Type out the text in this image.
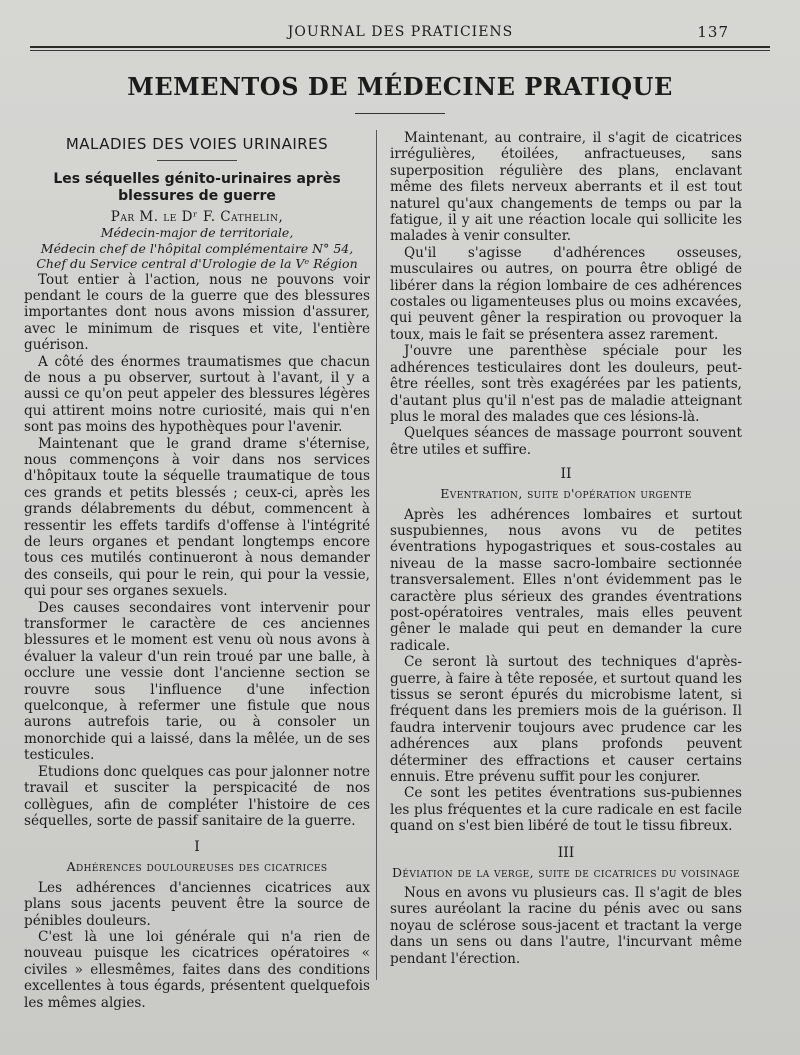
JOURNAL DES PRATICIENS	137
MEMENTOS DE MÉDECINE PRATIQUE
MALADIES DES VOIES URINAIRES
Les séquelles génito-urinaires après blessures de guerre
Par M. le Dʳ F. Cathelin,
Médecin-major de territoriale,
Médecin chef de l'hôpital complémentaire N° 54,
Chef du Service central d'Urologie de la Vᵉ Région

Tout entier à l'action, nous ne pouvons voir pendant le cours de la guerre que des blessures importantes dont nous avons mission d'assurer, avec le minimum de risques et vite, l'entière guérison.

A côté des énormes traumatismes que chacun de nous a pu observer, surtout à l'avant, il y a aussi ce qu'on peut appeler des blessures légères qui attirent moins notre curiosité, mais qui n'en sont pas moins des hypothèques pour l'avenir.

Maintenant que le grand drame s'éternise, nous commençons à voir dans nos services d'hôpitaux toute la séquelle traumatique de tous ces grands et petits blessés ; ceux-ci, après les grands délabrements du début, commencent à ressentir les effets tardifs d'offense à l'intégrité de leurs organes et pendant longtemps encore tous ces mutilés continueront à nous demander des conseils, qui pour le rein, qui pour la vessie, qui pour ses organes sexuels.

Des causes secondaires vont intervenir pour transformer le caractère de ces anciennes blessures et le moment est venu où nous avons à évaluer la valeur d'un rein troué par une balle, à occlure une vessie dont l'ancienne section se rouvre sous l'influence d'une infection quelconque, à refermer une fistule que nous aurons autrefois tarie, ou à consoler un monorchide qui a laissé, dans la mêlée, un de ses testicules.

Etudions donc quelques cas pour jalonner notre travail et susciter la perspicacité de nos collègues, afin de compléter l'histoire de ces séquelles, sorte de passif sanitaire de la guerre.

I
Adhérences douloureuses des cicatrices

Les adhérences d'anciennes cicatrices aux plans sous jacents peuvent être la source de pénibles douleurs.

C'est là une loi générale qui n'a rien de nouveau puisque les cicatrices opératoires « civiles » ellesmêmes, faites dans des conditions excellentes à tous égards, présentent quelquefois les mêmes algies.

Maintenant, au contraire, il s'agit de cicatrices irrégulières, étoilées, anfractueuses, sans superposition régulière des plans, enclavant même des filets nerveux aberrants et il est tout naturel qu'aux changements de temps ou par la fatigue, il y ait une réaction locale qui sollicite les malades à venir consulter.

Qu'il s'agisse d'adhérences osseuses, musculaires ou autres, on pourra être obligé de libérer dans la région lombaire de ces adhérences costales ou ligamenteuses plus ou moins excavées, qui peuvent gêner la respiration ou provoquer la toux, mais le fait se présentera assez rarement.

J'ouvre une parenthèse spéciale pour les adhérences testiculaires dont les douleurs, peut-être réelles, sont très exagérées par les patients, d'autant plus qu'il n'est pas de maladie atteignant plus le moral des malades que ces lésions-là.

Quelques séances de massage pourront souvent être utiles et suffire.

II
Eventration, suite d'opération urgente

Après les adhérences lombaires et surtout suspubiennes, nous avons vu de petites éventrations hypogastriques et sous-costales au niveau de la masse sacro-lombaire sectionnée transversalement. Elles n'ont évidemment pas le caractère plus sérieux des grandes éventrations post-opératoires ventrales, mais elles peuvent gêner le malade qui peut en demander la cure radicale.

Ce seront là surtout des techniques d'après-guerre, à faire à tête reposée, et surtout quand les tissus se seront épurés du microbisme latent, si fréquent dans les premiers mois de la guérison. Il faudra intervenir toujours avec prudence car les adhérences aux plans profonds peuvent déterminer des effractions et causer certains ennuis. Etre prévenu suffit pour les conjurer.

Ce sont les petites éventrations sus-pubiennes les plus fréquentes et la cure radicale en est facile quand on s'est bien libéré de tout le tissu fibreux.

III
Déviation de la verge, suite de cicatrices du voisinage

Nous en avons vu plusieurs cas. Il s'agit de bles sures auréolant la racine du pénis avec ou sans noyau de sclérose sous-jacent et tractant la verge dans un sens ou dans l'autre, l'incurvant même pendant l'érection.
